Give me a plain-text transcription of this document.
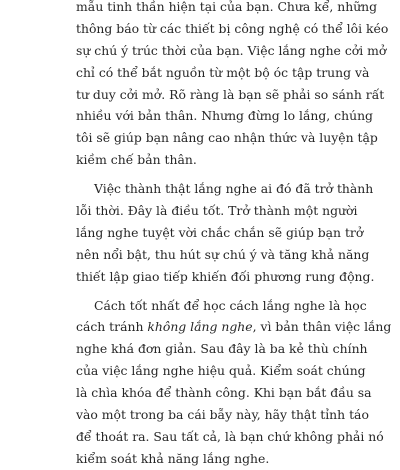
mẫu tinh thần hiện tại của bạn. Chưa kể, những
thông báo từ các thiết bị công nghệ có thể lôi kéo
sự chú ý trúc thời của bạn. Việc lắng nghe cởi mở
chỉ có thể bắt nguồn từ một bộ óc tập trung và
tư duy cởi mở. Rõ ràng là bạn sẽ phải so sánh rất
nhiều với bản thân. Nhưng đừng lo lắng, chúng
tôi sẽ giúp bạn nâng cao nhận thức và luyện tập
kiềm chế bản thân.
Việc thành thật lắng nghe ai đó đã trở thành
lỗi thời. Đây là điều tốt. Trở thành một người
lắng nghe tuyệt vời chắc chắn sẽ giúp bạn trở
nên nổi bật, thu hút sự chú ý và tăng khả năng
thiết lập giao tiếp khiến đối phương rung động.
Cách tốt nhất để học cách lắng nghe là học
cách tránh không lắng nghe, vì bản thân việc lắng
nghe khá đơn giản. Sau đây là ba kẻ thù chính
của việc lắng nghe hiệu quả. Kiểm soát chúng
là chìa khóa để thành công. Khi bạn bắt đầu sa
vào một trong ba cái bẫy này, hãy thật tỉnh táo
để thoát ra. Sau tất cả, là bạn chứ không phải nó
kiểm soát khả năng lắng nghe.
